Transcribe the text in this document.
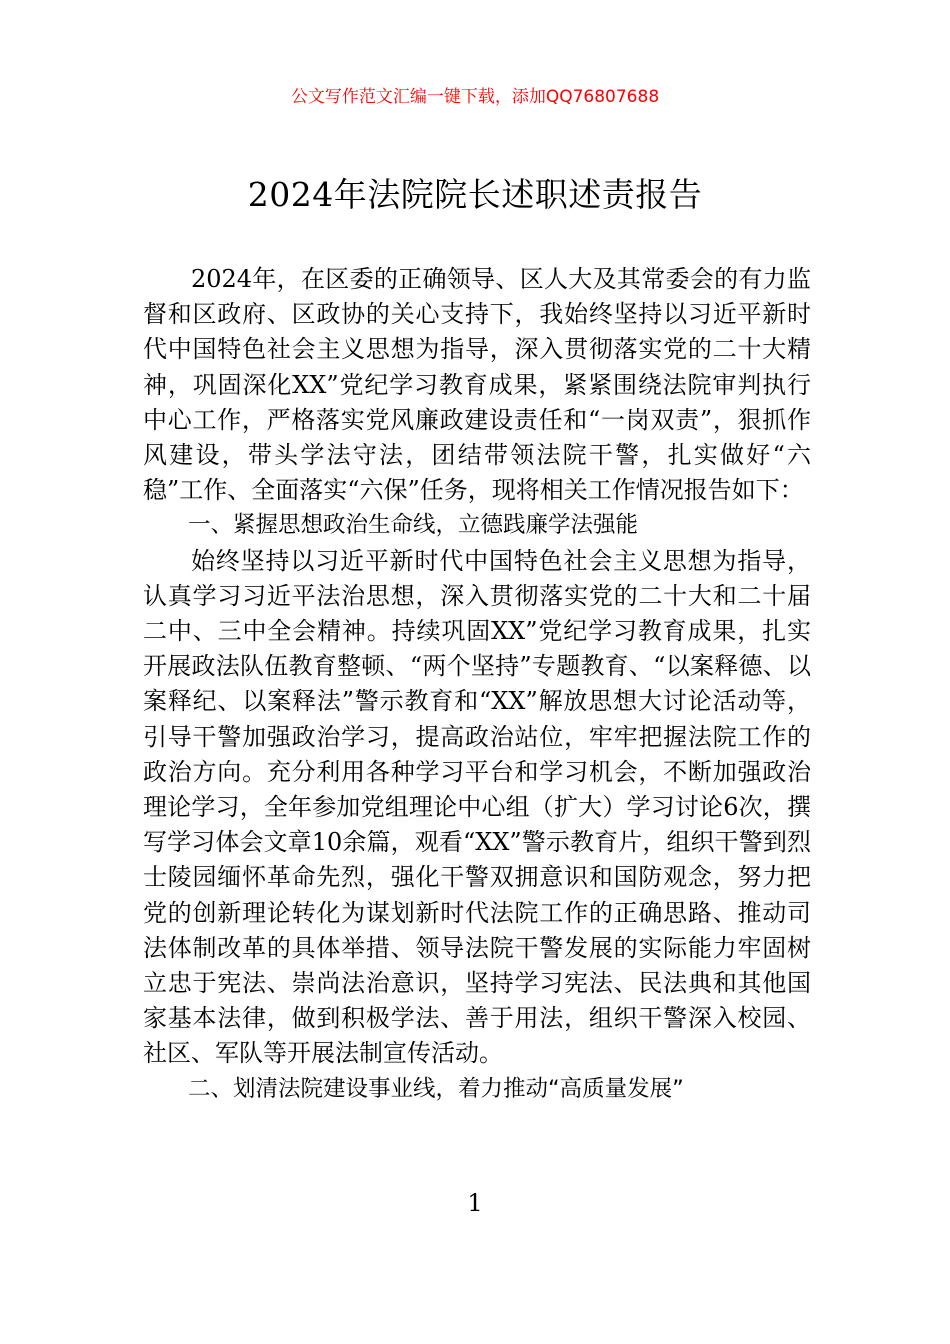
公文写作范文汇编一键下载，添加QQ76807688
2024年法院院长述职述责报告

2024年，在区委的正确领导、区人大及其常委会的有力监督和区政府、区政协的关心支持下，我始终坚持以习近平新时代中国特色社会主义思想为指导，深入贯彻落实党的二十大精神，巩固深化XX”党纪学习教育成果，紧紧围绕法院审判执行中心工作，严格落实党风廉政建设责任和“一岗双责”，狠抓作风建设，带头学法守法，团结带领法院干警，扎实做好“六稳”工作、全面落实“六保”任务，现将相关工作情况报告如下：

一、紧握思想政治生命线，立德践廉学法强能

始终坚持以习近平新时代中国特色社会主义思想为指导，认真学习习近平法治思想，深入贯彻落实党的二十大和二十届二中、三中全会精神。持续巩固XX”党纪学习教育成果，扎实开展政法队伍教育整顿、“两个坚持”专题教育、“以案释德、以案释纪、以案释法”警示教育和“XX”解放思想大讨论活动等，引导干警加强政治学习，提高政治站位，牢牢把握法院工作的政治方向。充分利用各种学习平台和学习机会，不断加强政治理论学习，全年参加党组理论中心组（扩大）学习讨论6次，撰写学习体会文章10余篇，观看“XX”警示教育片，组织干警到烈士陵园缅怀革命先烈，强化干警双拥意识和国防观念，努力把党的创新理论转化为谋划新时代法院工作的正确思路、推动司法体制改革的具体举措、领导法院干警发展的实际能力牢固树立忠于宪法、崇尚法治意识，坚持学习宪法、民法典和其他国家基本法律，做到积极学法、善于用法，组织干警深入校园、社区、军队等开展法制宣传活动。

二、划清法院建设事业线，着力推动“高质量发展”

1
